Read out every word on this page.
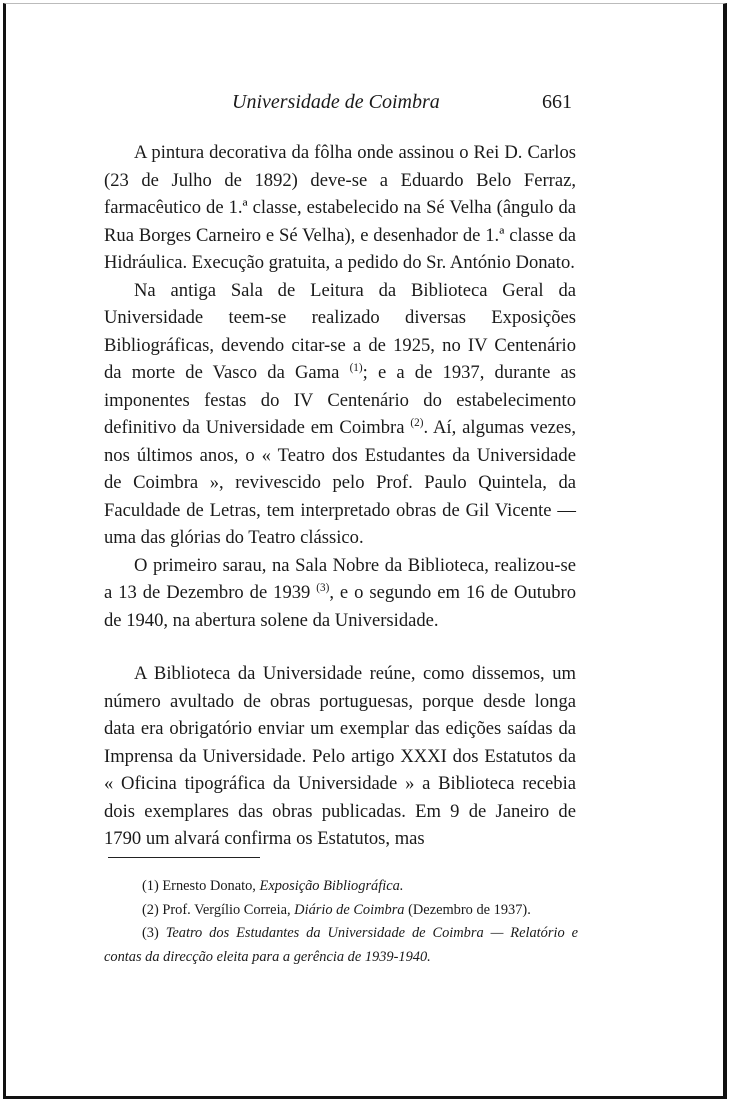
Universidade de Coimbra	661

A pintura decorativa da fôlha onde assinou o Rei D. Carlos (23 de Julho de 1892) deve-se a Eduardo Belo Ferraz, farmacêutico de 1.ª classe, estabelecido na Sé Velha (ângulo da Rua Borges Carneiro e Sé Velha), e desenhador de 1.ª classe da Hidráulica. Execução gratuita, a pedido do Sr. António Donato.

Na antiga Sala de Leitura da Biblioteca Geral da Universidade teem-se realizado diversas Exposições Bibliográficas, devendo citar-se a de 1925, no IV Centenário da morte de Vasco da Gama $^{(1)}$; e a de 1937, durante as imponentes festas do IV Centenário do estabelecimento definitivo da Universidade em Coimbra $^{(2)}$. Aí, algumas vezes, nos últimos anos, o « Teatro dos Estudantes da Universidade de Coimbra », revivescido pelo Prof. Paulo Quintela, da Faculdade de Letras, tem interpretado obras de Gil Vicente — uma das glórias do Teatro clássico.

O primeiro sarau, na Sala Nobre da Biblioteca, realizou-se a 13 de Dezembro de 1939 $^{(3)}$, e o segundo em 16 de Outubro de 1940, na abertura solene da Universidade.

A Biblioteca da Universidade reúne, como dissemos, um número avultado de obras portuguesas, porque desde longa data era obrigatório enviar um exemplar das edições saídas da Imprensa da Universidade. Pelo artigo XXXI dos Estatutos da « Oficina tipográfica da Universidade » a Biblioteca recebia dois exemplares das obras publicadas. Em 9 de Janeiro de 1790 um alvará confirma os Estatutos, mas

(1) Ernesto Donato, Exposição Bibliográfica.

(2) Prof. Vergílio Correia, Diário de Coimbra (Dezembro de 1937).

(3) Teatro dos Estudantes da Universidade de Coimbra — Relatório e contas da direcção eleita para a gerência de 1939-1940.
